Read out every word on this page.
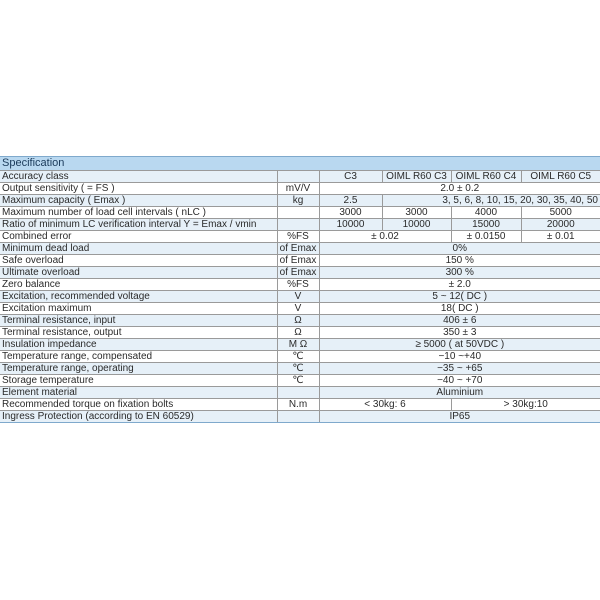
Specification
Accuracy class		C3	OIML R60 C3	OIML R60 C4	OIML R60 C5
Output sensitivity ( = FS )	mV/V	2.0 ± 0.2			
Maximum capacity ( Emax )	kg	2.5	3, 5, 6, 8, 10, 15, 20, 30, 35, 40, 50		
Maximum number of load cell intervals ( nLC )		3000	3000	4000	5000
Ratio of minimum LC verification interval Y = Emax / vmin		10000	10000	15000	20000
Combined error	%FS	± 0.02		± 0.0150	± 0.01
Minimum dead load	of Emax	0%			
Safe overload	of Emax	150 %			
Ultimate overload	of Emax	300 %			
Zero balance	%FS	± 2.0			
Excitation, recommended voltage	V	5 ~ 12( DC )			
Excitation maximum	V	18( DC )			
Terminal resistance, input	Ω	406 ± 6			
Terminal resistance, output	Ω	350 ± 3			
Insulation impedance	M Ω	≥ 5000 ( at 50VDC )			
Temperature range, compensated	℃	−10 ~+40			
Temperature range, operating	℃	−35 ~ +65			
Storage temperature	℃	−40 ~ +70			
Element material		Aluminium			
Recommended torque on fixation bolts	N.m	< 30kg: 6		> 30kg:10	
Ingress Protection (according to EN 60529)		IP65			
